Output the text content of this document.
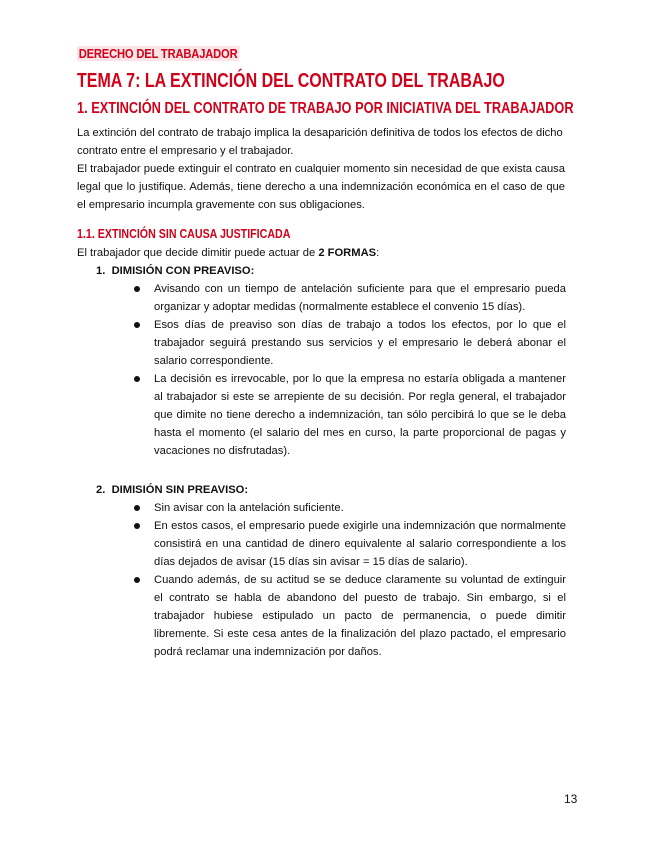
DERECHO DEL TRABAJADOR
TEMA 7: LA EXTINCIÓN DEL CONTRATO DEL TRABAJO
1. EXTINCIÓN DEL CONTRATO DE TRABAJO POR INICIATIVA DEL TRABAJADOR

La extinción del contrato de trabajo implica la desaparición definitiva de todos los efectos de dicho contrato entre el empresario y el trabajador.

El trabajador puede extinguir el contrato en cualquier momento sin necesidad de que exista causa legal que lo justifique. Además, tiene derecho a una indemnización económica en el caso de que el empresario incumpla gravemente con sus obligaciones.

1.1. EXTINCIÓN SIN CAUSA JUSTIFICADA

El trabajador que decide dimitir puede actuar de 2 FORMAS:

1. DIMISIÓN CON PREAVISO:
Avisando con un tiempo de antelación suficiente para que el empresario pueda organizar y adoptar medidas (normalmente establece el convenio 15 días).
Esos días de preaviso son días de trabajo a todos los efectos, por lo que el trabajador seguirá prestando sus servicios y el empresario le deberá abonar el salario correspondiente.
La decisión es irrevocable, por lo que la empresa no estaría obligada a mantener al trabajador si este se arrepiente de su decisión. Por regla general, el trabajador que dimite no tiene derecho a indemnización, tan sólo percibirá lo que se le deba hasta el momento (el salario del mes en curso, la parte proporcional de pagas y vacaciones no disfrutadas).
2. DIMISIÓN SIN PREAVISO:
Sin avisar con la antelación suficiente.
En estos casos, el empresario puede exigirle una indemnización que normalmente consistirá en una cantidad de dinero equivalente al salario correspondiente a los días dejados de avisar (15 días sin avisar = 15 días de salario).
Cuando además, de su actitud se se deduce claramente su voluntad de extinguir el contrato se habla de abandono del puesto de trabajo. Sin embargo, si el trabajador hubiese estipulado un pacto de permanencia, o puede dimitir libremente. Si este cesa antes de la finalización del plazo pactado, el empresario podrá reclamar una indemnización por daños.
13
